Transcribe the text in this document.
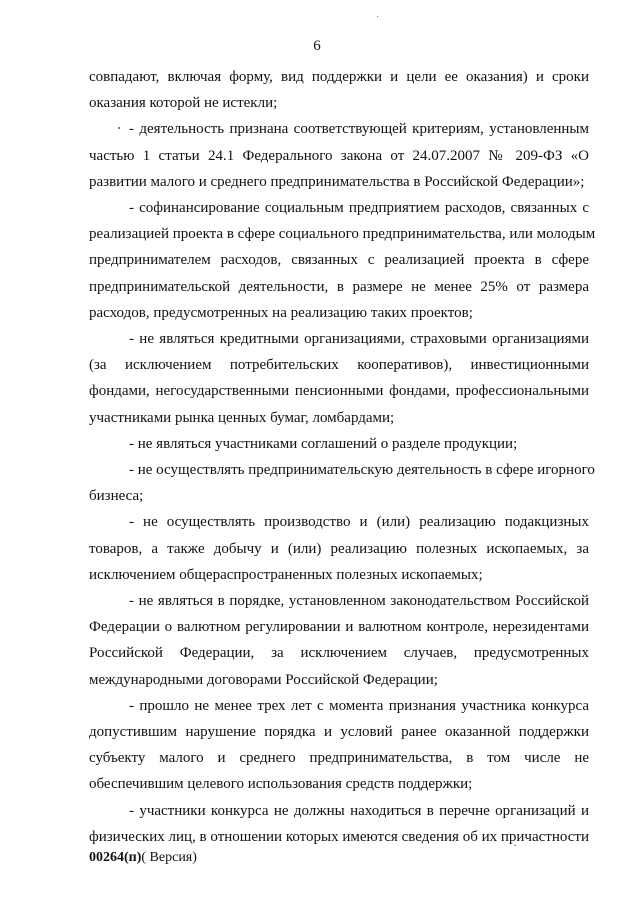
6
совпадают, включая форму, вид поддержки и цели ее оказания) и сроки
оказания которой не истекли;
- деятельность признана соответствующей критериям, установленным
частью 1 статьи 24.1 Федерального закона от 24.07.2007 № 209-ФЗ «О
развитии малого и среднего предпринимательства в Российской Федерации»;
- софинансирование социальным предприятием расходов, связанных с
реализацией проекта в сфере социального предпринимательства, или молодым
предпринимателем расходов, связанных с реализацией проекта в сфере
предпринимательской деятельности, в размере не менее 25% от размера
расходов, предусмотренных на реализацию таких проектов;
- не являться кредитными организациями, страховыми организациями
(за исключением потребительских кооперативов), инвестиционными
фондами, негосударственными пенсионными фондами, профессиональными
участниками рынка ценных бумаг, ломбардами;
- не являться участниками соглашений о разделе продукции;
- не осуществлять предпринимательскую деятельность в сфере игорного
бизнеса;
- не осуществлять производство и (или) реализацию подакцизных
товаров, а также добычу и (или) реализацию полезных ископаемых, за
исключением общераспространенных полезных ископаемых;
- не являться в порядке, установленном законодательством Российской
Федерации о валютном регулировании и валютном контроле, нерезидентами
Российской Федерации, за исключением случаев, предусмотренных
международными договорами Российской Федерации;
- прошло не менее трех лет с момента признания участника конкурса
допустившим нарушение порядка и условий ранее оказанной поддержки
субъекту малого и среднего предпринимательства, в том числе не
обеспечившим целевого использования средств поддержки;
- участники конкурса не должны находиться в перечне организаций и
физических лиц, в отношении которых имеются сведения об их причастности
00264(п)( Версия)
